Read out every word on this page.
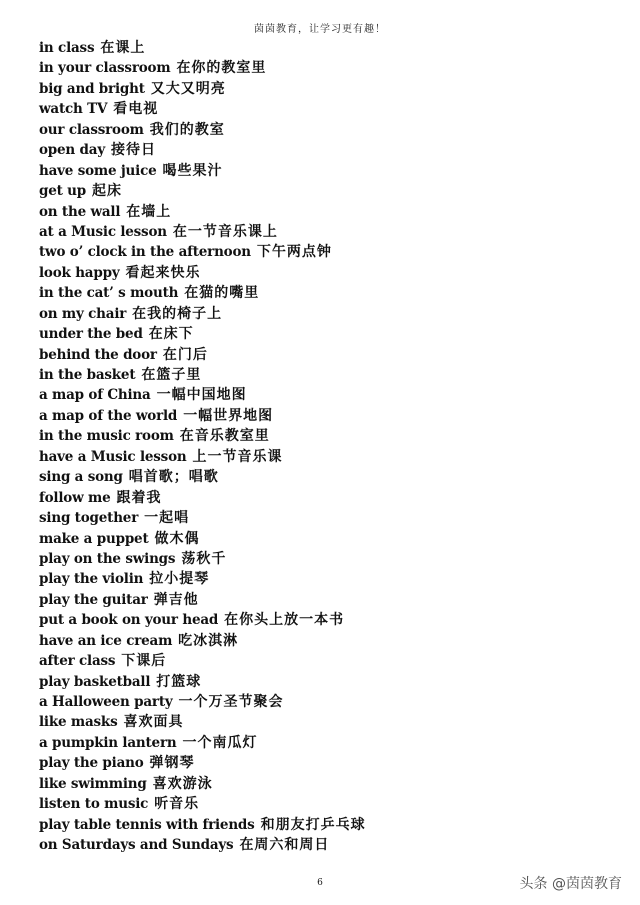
茵茵教育，让学习更有趣！
in class 在课上
in your classroom 在你的教室里
big and bright 又大又明亮
watch TV 看电视
our classroom 我们的教室
open day 接待日
have some juice 喝些果汁
get up 起床
on the wall 在墙上
at a Music lesson 在一节音乐课上
two o’ clock in the afternoon 下午两点钟
look happy 看起来快乐
in the cat’ s mouth 在猫的嘴里
on my chair 在我的椅子上
under the bed 在床下
behind the door 在门后
in the basket 在篮子里
a map of China 一幅中国地图
a map of the world 一幅世界地图
in the music room 在音乐教室里
have a Music lesson 上一节音乐课
sing a song 唱首歌；唱歌
follow me 跟着我
sing together 一起唱
make a puppet 做木偶
play on the swings 荡秋千
play the violin 拉小提琴
play the guitar 弹吉他
put a book on your head 在你头上放一本书
have an ice cream 吃冰淇淋
after class 下课后
play basketball 打篮球
a Halloween party 一个万圣节聚会
like masks 喜欢面具
a pumpkin lantern 一个南瓜灯
play the piano 弹钢琴
like swimming 喜欢游泳
listen to music 听音乐
play table tennis with friends 和朋友打乒乓球
on Saturdays and Sundays 在周六和周日
6	头条 @茵茵教育
